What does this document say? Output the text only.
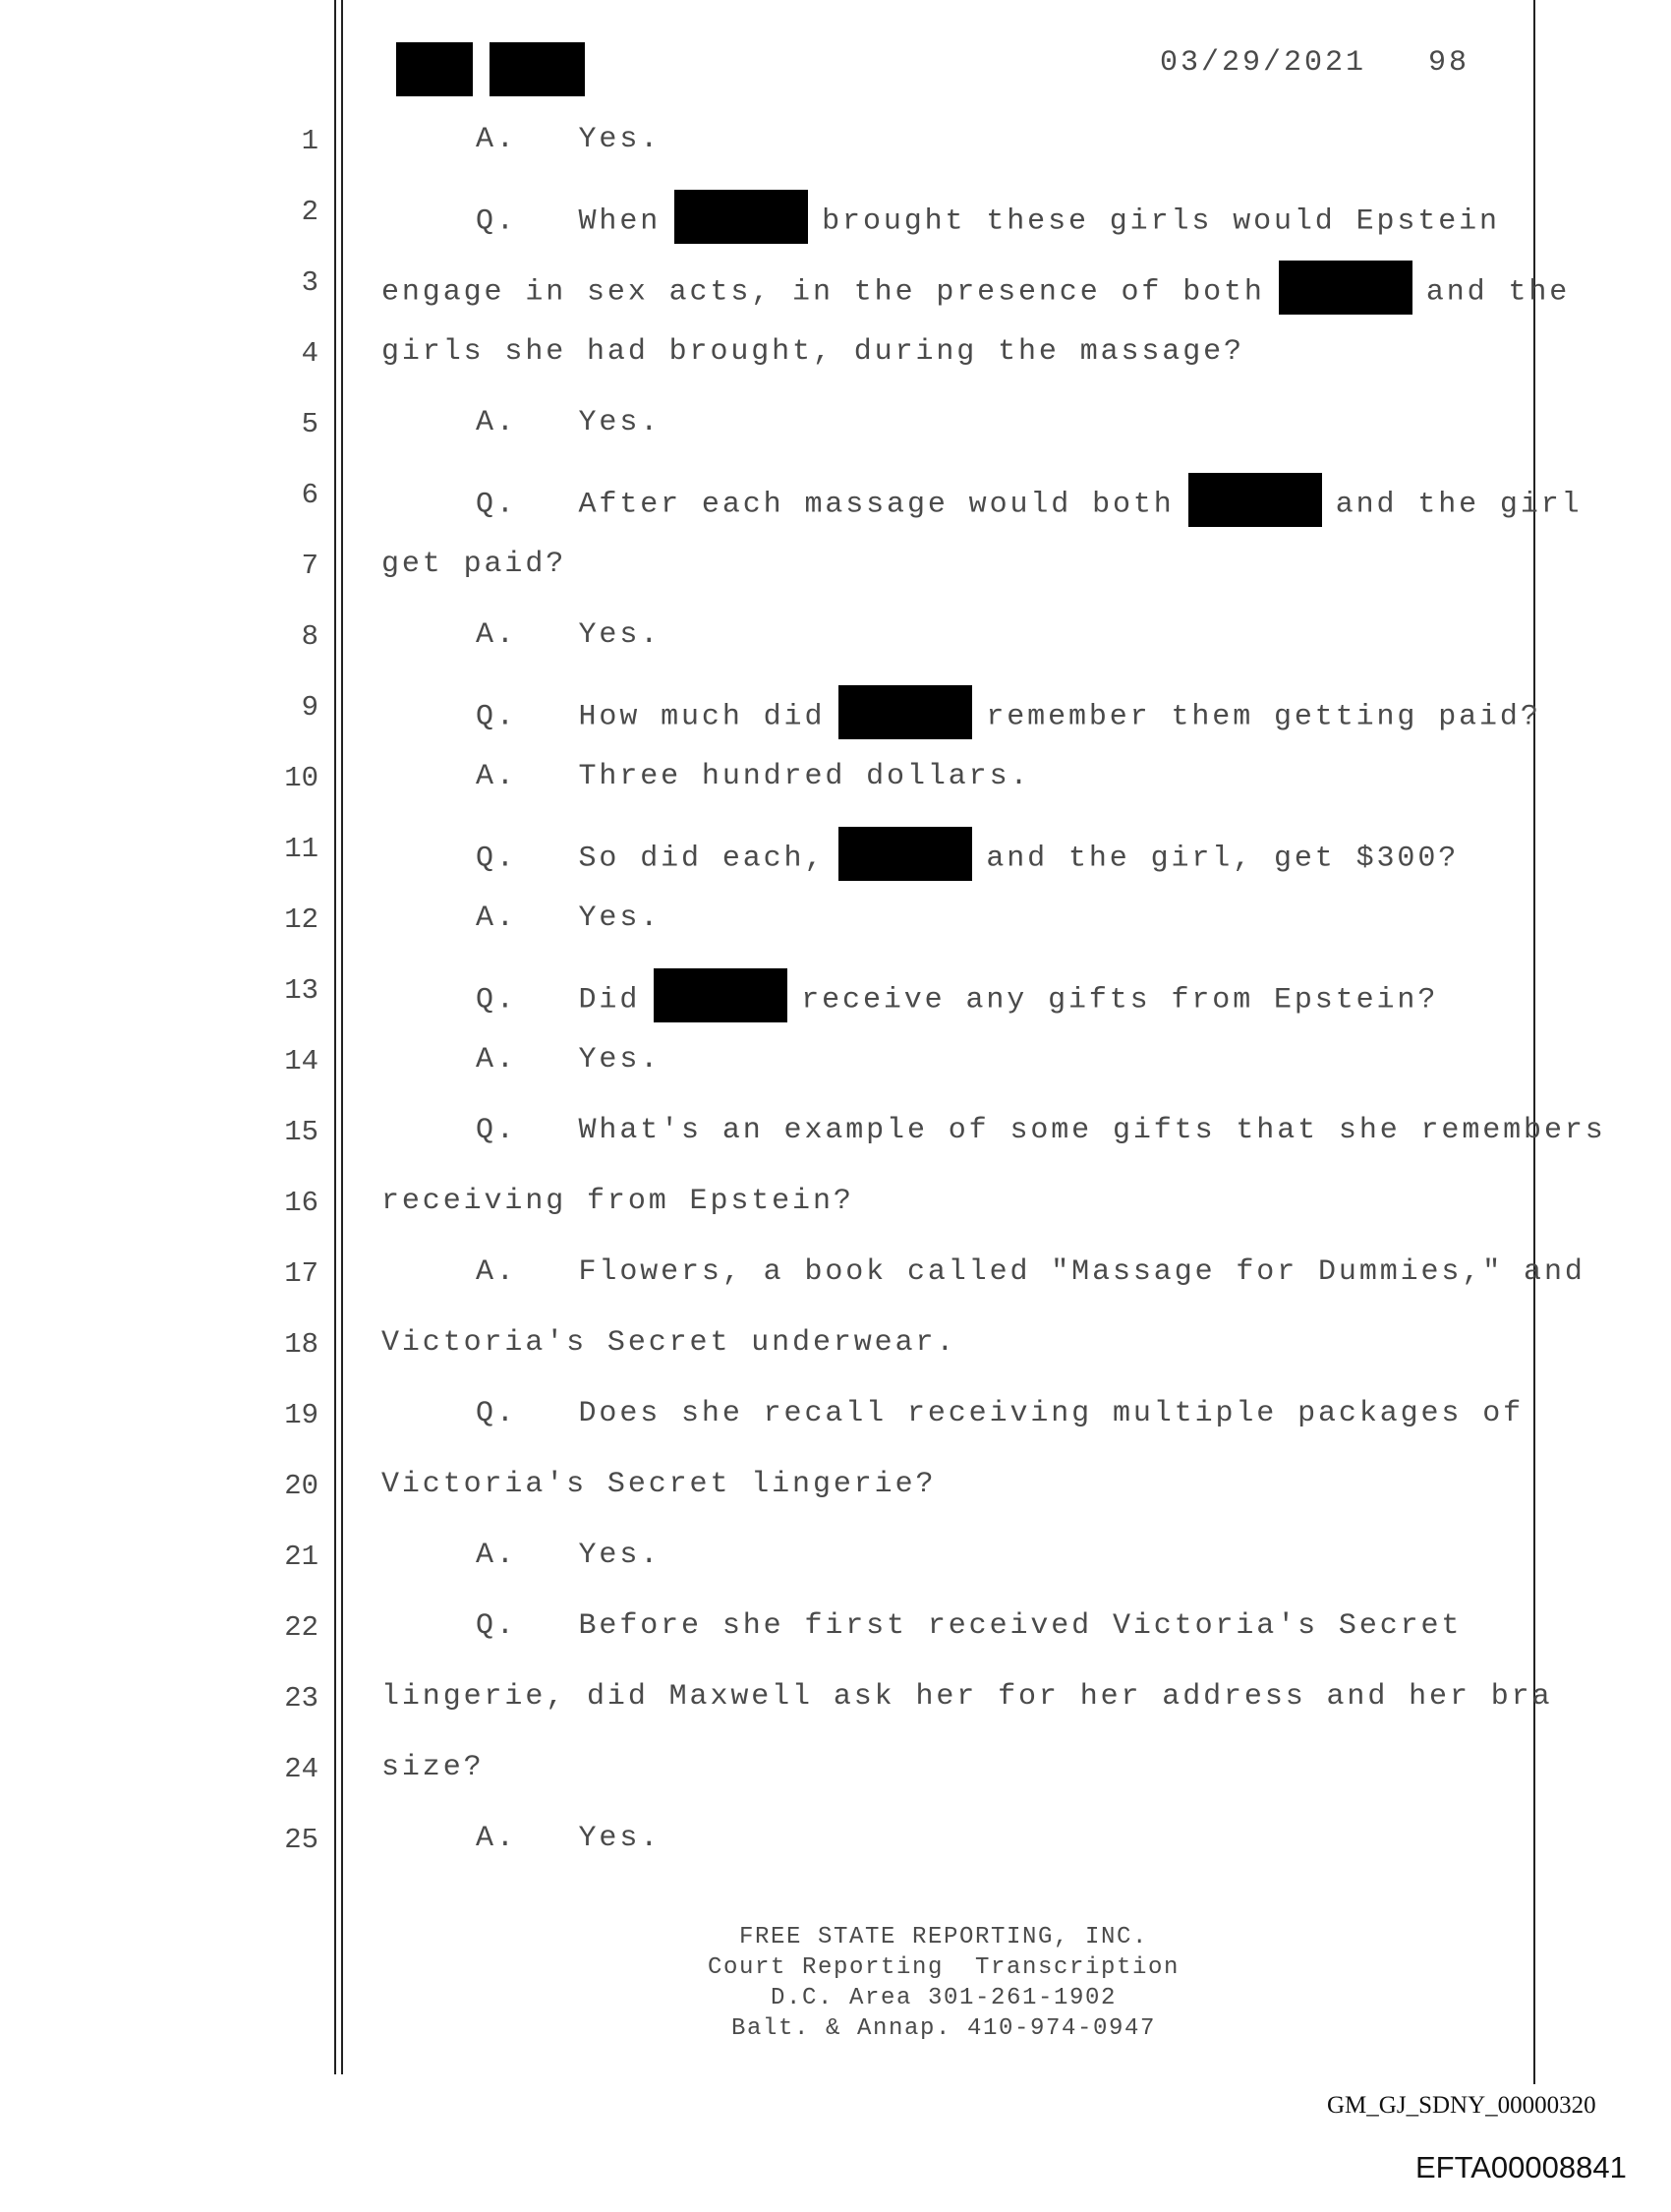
03/29/2021 98
1	A.   Yes.
2	Q.   When	brought these girls would Epstein
3 engage in sex acts, in the presence of both	and the
4 girls she had brought, during the massage?
5	A.   Yes.
6	Q.   After each massage would both	and the girl
7 get paid?
8	A.   Yes.
9	Q.   How much did	remember them getting paid?
10	A.   Three hundred dollars.
11	Q.   So did each,	and the girl, get $300?
12	A.   Yes.
13	Q.   Did	receive any gifts from Epstein?
14	A.   Yes.
15	Q.   What's an example of some gifts that she remembers
16 receiving from Epstein?
17	A.   Flowers, a book called "Massage for Dummies," and
18 Victoria's Secret underwear.
19	Q.   Does she recall receiving multiple packages of
20 Victoria's Secret lingerie?
21	A.   Yes.
22	Q.   Before she first received Victoria's Secret
23 lingerie, did Maxwell ask her for her address and her bra
24 size?
25	A.   Yes.
FREE STATE REPORTING, INC.
Court Reporting  Transcription
D.C. Area 301-261-1902
Balt. & Annap. 410-974-0947
GM_GJ_SDNY_00000320
EFTA00008841
